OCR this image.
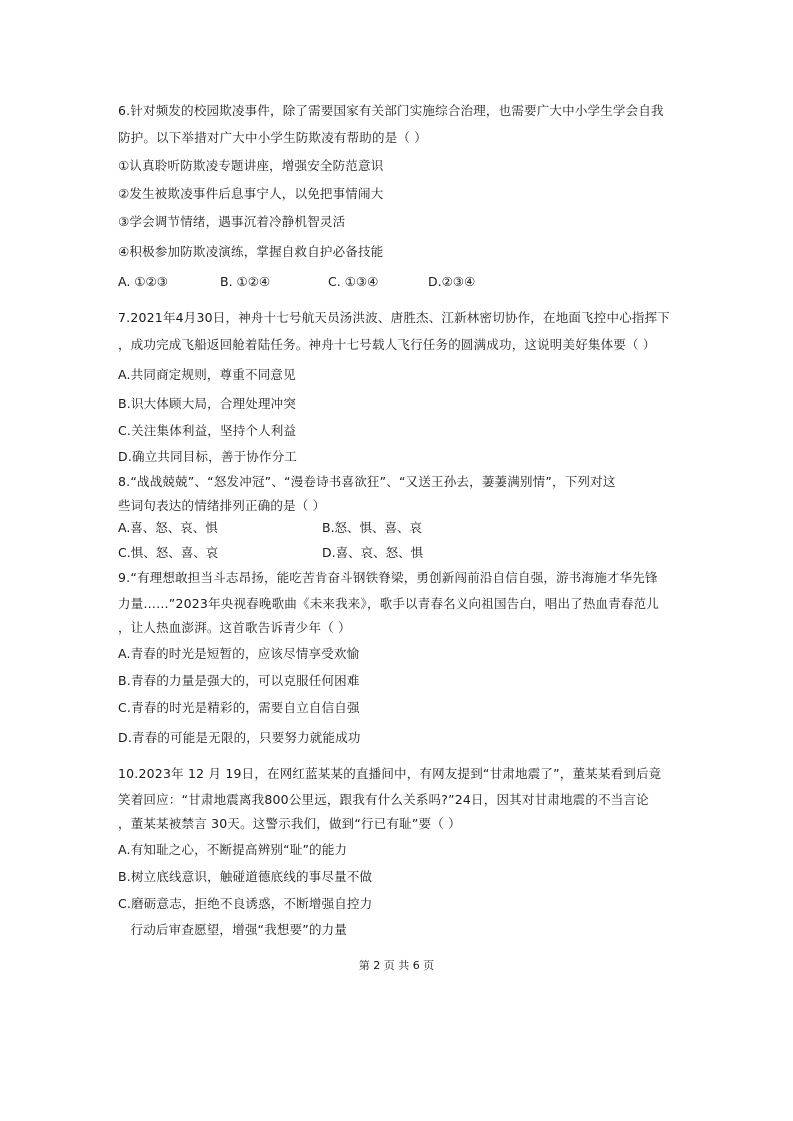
6.针对频发的校园欺凌事件，除了需要国家有关部门实施综合治理，也需要广大中小学生学会自我
防护。以下举措对广大中小学生防欺凌有帮助的是（ ）
①认真聆听防欺凌专题讲座，增强安全防范意识
②发生被欺凌事件后息事宁人，以免把事情闹大
③学会调节情绪，遇事沉着冷静机智灵活
④积极参加防欺凌演练，掌握自救自护必备技能
A. ①②③	B. ①②④	C. ①③④	D.②③④
7.2021年4月30日，神舟十七号航天员汤洪波、唐胜杰、江新林密切协作，在地面飞控中心指挥下
，成功完成飞船返回舱着陆任务。神舟十七号载人飞行任务的圆满成功，这说明美好集体要（ ）
A.共同商定规则，尊重不同意见
B.识大体顾大局，合理处理冲突
C.关注集体利益，坚持个人利益
D.确立共同目标，善于协作分工
8.“战战兢兢”、“怒发冲冠”、“漫卷诗书喜欲狂”、“又送王孙去，萋萋满别情”，下列对这
些词句表达的情绪排列正确的是（ ）
A.喜、怒、哀、惧	B.怒、惧、喜、哀
C.惧、怒、喜、哀	D.喜、哀、怒、惧
9.“有理想敢担当斗志昂扬，能吃苦肯奋斗钢铁脊梁，勇创新闯前沿自信自强，游书海施才华先锋
力量……”2023年央视春晚歌曲《未来我来》，歌手以青春名义向祖国告白，唱出了热血青春范儿
，让人热血澎湃。这首歌告诉青少年（ ）
A.青春的时光是短暂的，应该尽情享受欢愉
B.青春的力量是强大的，可以克服任何困难
C.青春的时光是精彩的，需要自立自信自强
D.青春的可能是无限的，只要努力就能成功
10.2023年 12 月 19日，在网红蓝某某的直播间中，有网友提到“甘肃地震了”，董某某看到后竟
笑着回应：“甘肃地震离我800公里远，跟我有什么关系吗?”24日，因其对甘肃地震的不当言论
，董某某被禁言 30天。这警示我们，做到“行已有耻”要（ ）
A.有知耻之心，不断提高辨别“耻”的能力
B.树立底线意识，触碰道德底线的事尽量不做
C.磨砺意志，拒绝不良诱惑，不断增强自控力
行动后审查愿望，增强“我想要”的力量
第 2 页 共 6 页
